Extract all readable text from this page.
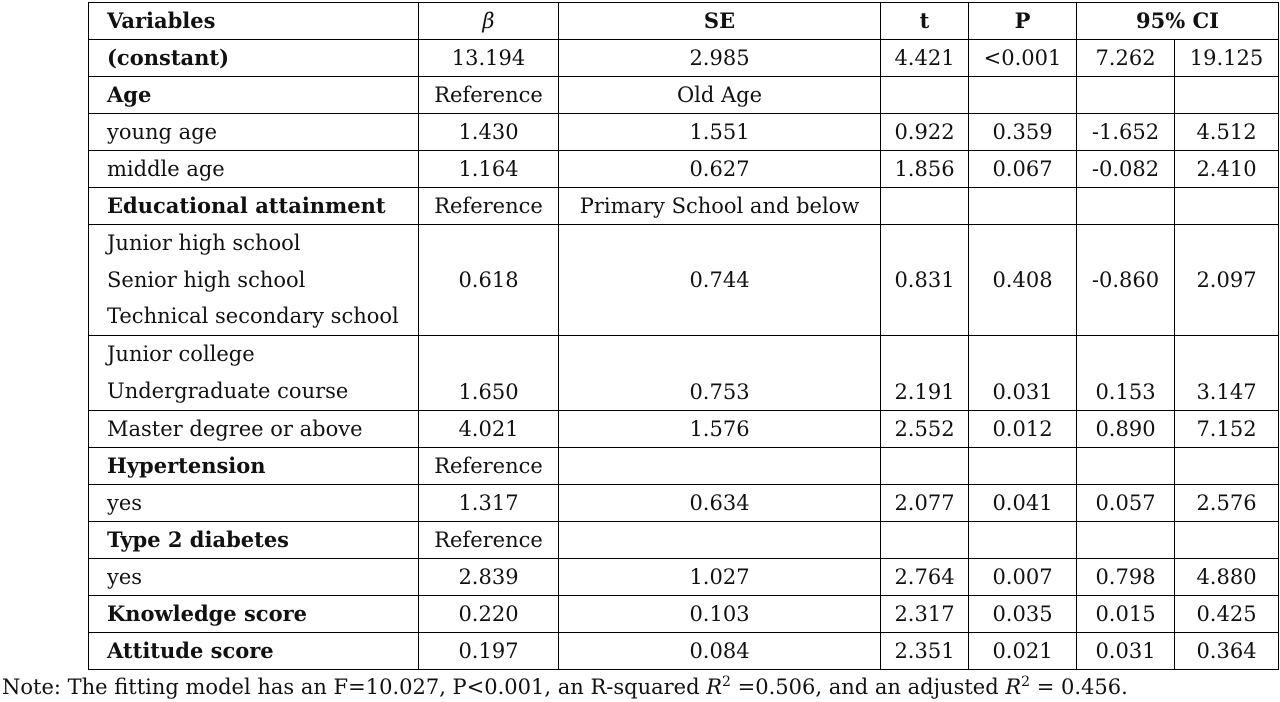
Variables	β	SE	t	P	95% CI	
(constant)	13.194	2.985	4.421	<0.001	7.262	19.125
Age	Reference	Old Age				
young age	1.430	1.551	0.922	0.359	-1.652	4.512
middle age	1.164	0.627	1.856	0.067	-0.082	2.410
Educational attainment	Reference	Primary School and below				

Junior high school
Senior high school
Technical secondary school	0.618	0.744	0.831	0.408	-0.860	2.097

Junior college
Undergraduate course	1.650	0.753	2.191	0.031	0.153	3.147
Master degree or above	4.021	1.576	2.552	0.012	0.890	7.152
Hypertension	Reference					
yes	1.317	0.634	2.077	0.041	0.057	2.576
Type 2 diabetes	Reference					
yes	2.839	1.027	2.764	0.007	0.798	4.880
Knowledge score	0.220	0.103	2.317	0.035	0.015	0.425
Attitude score	0.197	0.084	2.351	0.021	0.031	0.364
Note: The fitting model has an F=10.027, P<0.001, an R-squared $R^2 =0.506$, and an adjusted $R^2 = 0.456$.
